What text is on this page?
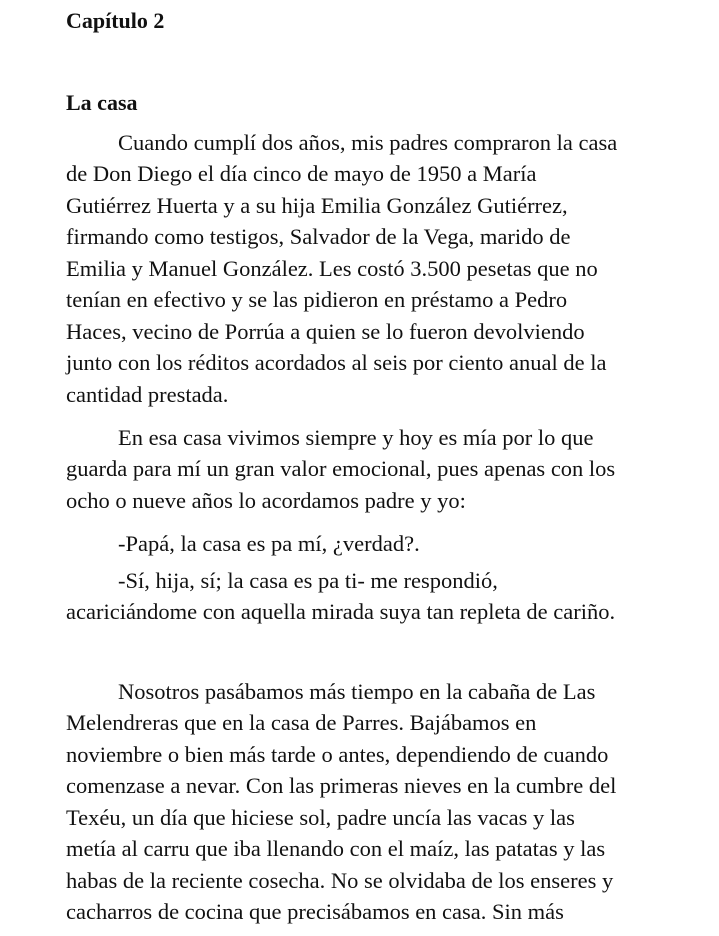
Capítulo 2
La casa

Cuando cumplí dos años, mis padres compraron la casa

de Don Diego el día cinco de mayo de 1950 a María

Gutiérrez Huerta y a su hija Emilia González Gutiérrez,

firmando como testigos, Salvador de la Vega, marido de

Emilia y Manuel González. Les costó 3.500 pesetas que no

tenían en efectivo y se las pidieron en préstamo a Pedro

Haces, vecino de Porrúa a quien se lo fueron devolviendo

junto con los réditos acordados al seis por ciento anual de la

cantidad prestada.

En esa casa vivimos siempre y hoy es mía por lo que

guarda para mí un gran valor emocional, pues apenas con los

ocho o nueve años lo acordamos padre y yo:

-Papá, la casa es pa mí, ¿verdad?.

-Sí, hija, sí; la casa es pa ti- me respondió,

acariciándome con aquella mirada suya tan repleta de cariño.

Nosotros pasábamos más tiempo en la cabaña de Las

Melendreras que en la casa de Parres. Bajábamos en

noviembre o bien más tarde o antes, dependiendo de cuando

comenzase a nevar. Con las primeras nieves en la cumbre del

Texéu, un día que hiciese sol, padre uncía las vacas y las

metía al carru que iba llenando con el maíz, las patatas y las

habas de la reciente cosecha. No se olvidaba de los enseres y

cacharros de cocina que precisábamos en casa. Sin más
